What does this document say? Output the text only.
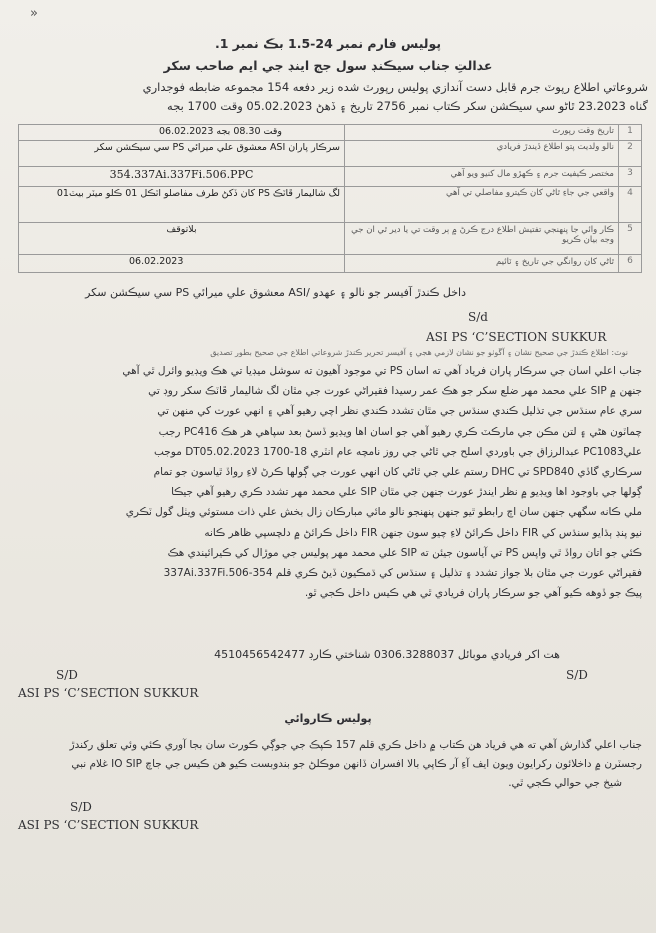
»
پوليس فارم نمبر 24-1.5 بڪ نمبر 1.
عدالتِ جناب سيڪنڊ سول جج اينڊ جي ايم صاحب سکر
شروعاتي اطلاع رپوٽ جرم قابل دست آندازي پوليس رپورٽ شده زير دفعه 154 مجموعه ضابطه فوجداري
گناه 23.2023 ٿاڻو سي سيڪشن سکر ڪتاب نمبر 2756 تاريخ ۽ ڏهڻ 05.02.2023 وقت 1700 بجه
06.02.2023 وقت 08.30 بجه	تاريخ وقت رپورٽ	1
سرڪار پاران ASI معشوق علي ميرائي PS سي سيڪشن سکر	نالو ولديت پتو اطلاع ڏيندڙ فريادي	2
354.337Ai.337Fi.506.PPC	مختصر ڪيفيت جرم ۽ ڪهڙو مال کنيو ويو آهي	3
لگ شاليمار ڦاٽڪ PS کان ڏکڻ طرف مفاصلو اٽڪل 01 ڪلو ميٽر بيٽ01	واقعي جي جاءِ ٿاڻي کان ڪيترو مفاصلي تي آهي	4
بلاتوقف	ڪار وائي جا پنهنجي تفتيش اطلاع درج ڪرڻ ۾ ٻر وقت تي يا دير ٿي ان جي وجه بيان ڪريو	5
06.02.2023	ٿاڻي کان روانگي جي تاريخ ۽ ٽائيم	6
داخل ڪندڙ آفيسر جو نالو ۽ عهدو /ASI معشوق علي ميرائي PS سي سيڪشن سکر
S/d
ASI PS ‘C’SECTION SUKKUR
نوٽ: اطلاع ڪندڙ جي صحيح نشان ۽ آڱوٺو جو نشان لازمي هجي ۽ آفيسر تحرير ڪندڙ شروعاتي اطلاع جي صحيح بطور تصديق

جناب اعلي اسان جي سرڪار پاران فرياد آهي ته اسان PS تي موجود آهيون ته سوشل ميڊيا تي هڪ ويڊيو وائرل ٿي آهي

جنهن ۾ SIP علي محمد مهر ضلع سکر جو هڪ عمر رسيدا فقيراڻي عورت جي مٿان لگ شاليمار ڦاٽڪ سکر روڊ تي

سري عام سنڌس جي تذليل ڪندي سنڌس جي مٿان تشدد ڪندي نظر اچي رهيو آهي ۽ انهي عورت کي منهن تي

چماٽون هڻي ۽ لتن مڪن جي مارڪٽ ڪري رهيو آهي جو اسان اها ويڊيو ڏسڻ بعد سپاهي هر هڪ PC416 رجب

عليPC1083 عبدالرزاق جي باوردي اسلح جي ٿاڻي جي روز نامچه عام انٽري 18-1700 DT05.02.2023 موجب

سرڪاري گاڏي SPD840 تي DHC رستم علي جي ٿاڻي کان انهي عورت جي ڳولها ڪرڻ لاءِ رواڏ ٿياسون جو تمام

ڳولها جي باوجود اها ويڊيو ۾ نظر ايندڙ عورت جنهن جي مٿان SIP علي محمد مهر تشدد ڪري رهيو آهي جيڪا

ملي ڪانه سگهي جنهن سان اچ رابطو ٿيو جنهن پنهنجو نالو مائي مبارڪان زال بخش علي ذات مستوئي ويٺل گول ٽڪري

نيو پنڊ ٻڌايو سنڌس کي FIR داخل ڪرائڻ لاءِ چيو سون جنهن FIR داخل ڪرائڻ ۾ دلچسپي ظاهر ڪانه

ڪئي جو اتان رواڏ ٿي واپس PS تي آياسون جيئن ته SIP علي محمد مهر پوليس جي موڙال کي ڪيرائيندي هڪ

فقيراڻي عورت جي مٿان بلا جواز تشدد ۽ تذليل ۽ سنڌس کي ڌمڪيون ڏيڻ ڪري قلم 354-337Ai.337Fi.506

پيڪ جو ڏوهه ڪيو آهي جو سرڪار پاران فريادي ٿي هي ڪيس داخل ڪجي ٿو.

هت اکر فريادي موبائل 0306.3288037 شناختي ڪارڊ 4510456542477
S/D
S/D
ASI PS ‘C’SECTION SUKKUR
پوليس ڪاروائي

جناب اعلي گذارش آهي ته هي فرياد هن ڪتاب ۾ داخل ڪري قلم 157 ڪپڪ جي جوڳي ڪورٽ سان بجا آوري ڪئي وئي تعلق رکندڙ

رجسٽرن ۾ داخلائون رکرايون ويون ايف آءِ آر ڪاپي بالا افسران ڏانهن موڪلڻ جو بندوبست ڪيو هن ڪيس جي جاچ IO SIP غلام نبي

شيخ جي حوالي ڪجي ٿي.

S/D
ASI PS ‘C’SECTION SUKKUR
